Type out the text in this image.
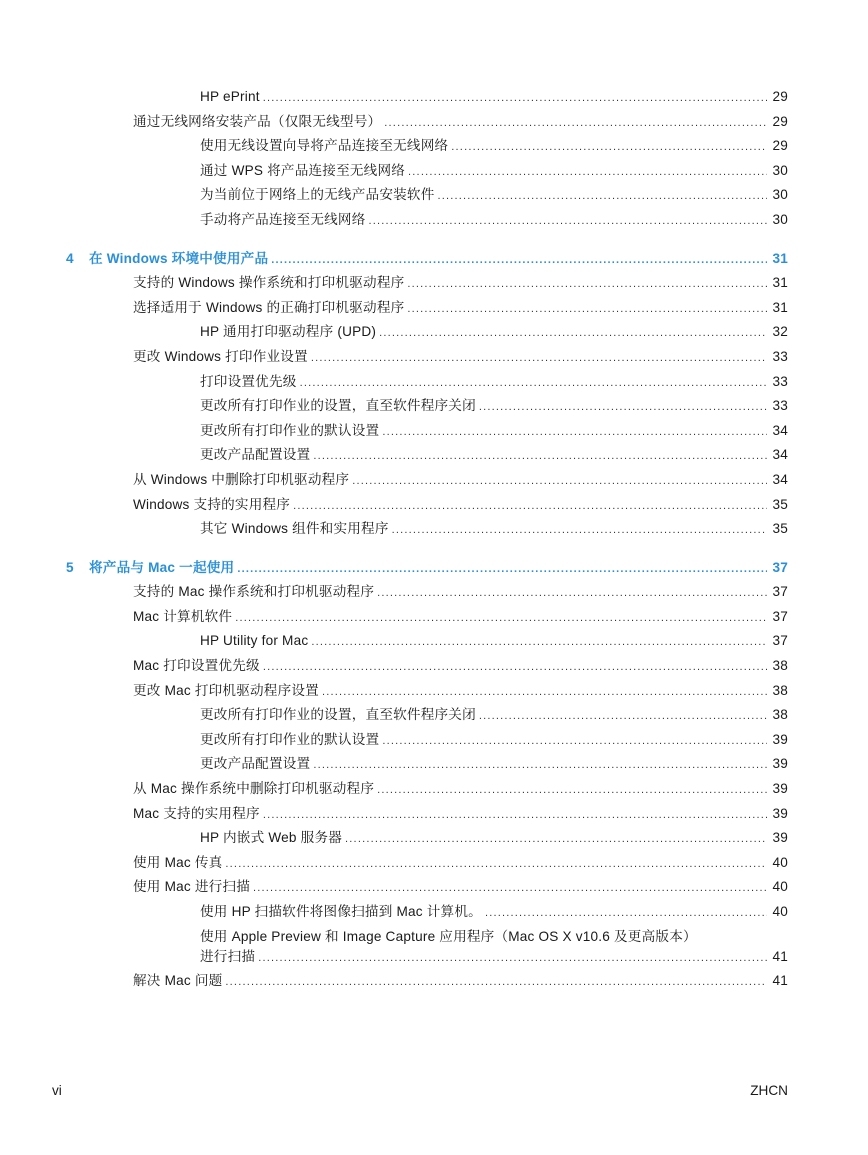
HP ePrint .....	29
通过无线网络安装产品（仅限无线型号） .....	29
使用无线设置向导将产品连接至无线网络 .....	29
通过 WPS 将产品连接至无线网络 .....	30
为当前位于网络上的无线产品安装软件 .....	30
手动将产品连接至无线网络 .....	30
4 在 Windows 环境中使用产品 .....	31
支持的 Windows 操作系统和打印机驱动程序 .....	31
选择适用于 Windows 的正确打印机驱动程序 .....	31
HP 通用打印驱动程序 (UPD) .....	32
更改 Windows 打印作业设置 .....	33
打印设置优先级 .....	33
更改所有打印作业的设置，直至软件程序关闭 .....	33
更改所有打印作业的默认设置 .....	34
更改产品配置设置 .....	34
从 Windows 中删除打印机驱动程序 .....	34
Windows 支持的实用程序 .....	35
其它 Windows 组件和实用程序 .....	35
5 将产品与 Mac 一起使用 .....	37
支持的 Mac 操作系统和打印机驱动程序 .....	37
Mac 计算机软件 .....	37
HP Utility for Mac .....	37
Mac 打印设置优先级 .....	38
更改 Mac 打印机驱动程序设置 .....	38
更改所有打印作业的设置，直至软件程序关闭 .....	38
更改所有打印作业的默认设置 .....	39
更改产品配置设置 .....	39
从 Mac 操作系统中删除打印机驱动程序 .....	39
Mac 支持的实用程序 .....	39
HP 内嵌式 Web 服务器 .....	39
使用 Mac 传真 .....	40
使用 Mac 进行扫描 .....	40
使用 HP 扫描软件将图像扫描到 Mac 计算机。 .....	40
使用 Apple Preview 和 Image Capture 应用程序（Mac OS X v10.6 及更高版本）
进行扫描 .....	41
解决 Mac 问题 .....	41
vi	ZHCN
